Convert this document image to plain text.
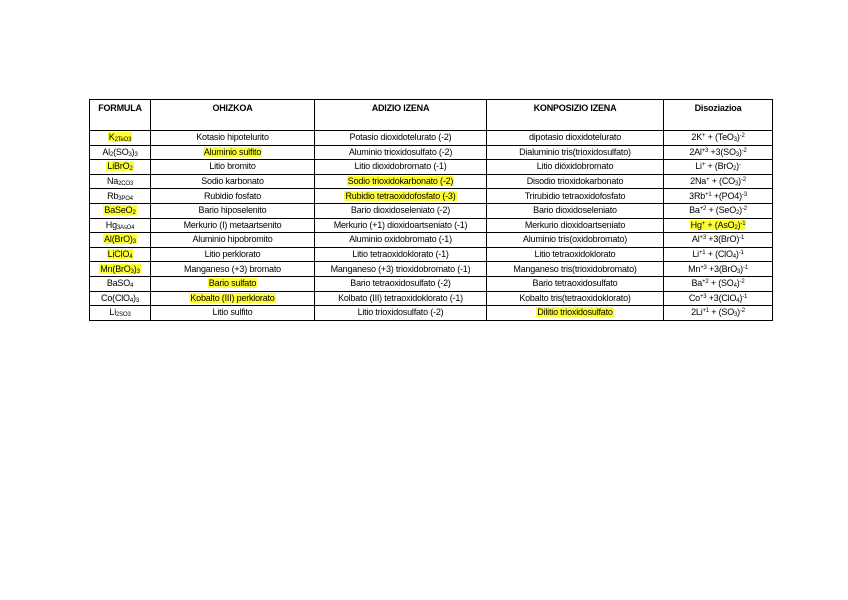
FORMULA	OHIZKOA	ADIZIO IZENA	KONPOSIZIO IZENA	Disoziazioa
$K_{2TeO3}$	Kotasio hipotelurito	Potasio dioxidotelurato (-2)	dipotasio dioxidotelurato	$2K^+ + (TeO_3)^{-2}$
$Al_2(SO_3)_3$	Aluminio sulfito	Aluminio trioxidosulfato (-2)	Dialuminio tris(trioxidosulfato)	$2Al^{+3} +3(SO_3)^{-2}$
LiBrO$_2$	Litio bromito	Litio dioxidobromato (-1)	Litio dióxidobromato	Li+ + (BrO$_2$)-
$Na_{2CO3}$	Sodio karbonato	Sodio trioxidokarbonato (-2)	Disodio trioxidokarbonato	$2Na^+ + (CO_3)^{-2}$
$Rb_{3PO4}$	Rubidio fosfato	Rubidio tetraoxidofosfato (-3)	Trirubidio tetraoxidofosfato	$3Rb^{+1} +(PO4)^{-3}$
BaSeO$_2$	Bario hiposelenito	Bario dioxidoseleniato (-2)	Bario dioxidoseleniato	$Ba^{+2} + (SeO_2)^{-2}$
$Hg_{3AsO4}$	Merkurio (I) metaartsenito	Merkurio (+1) dioxidoartseniato (-1)	Merkurio dioxidoartseniato	$Hg^+ + (AsO_2)^{-1}$
$Al(BrO)_3$	Aluminio hipobromito	Aluminio oxidobromato (-1)	Aluminio tris(oxidobromato)	$Al^{+3} +3(BrO)^{-1}$
LiClO$_4$	Litio perklorato	Litio tetraoxidoklorato (-1)	Litio tetraoxidoklorato	$Li^{+1} + (ClO_4)^{-1}$
$Mn(BrO_3)_3$	Manganeso (+3) bromato	Manganeso (+3) trioxidobromato (-1)	Manganeso tris(trioxidobromato)	$Mn^{+3} +3(BrO_3)^{-1}$
BaSO$_4$	Bario sulfato	Bario tetraoxidosulfato (-2)	Bario tetraoxidosulfato	$Ba^{+2} + (SO_4)^{-2}$
$Co(ClO_4)_3$	Kobalto (III) perklorato	Kolbato (III) tetraoxidoklorato (-1)	Kobalto tris(tetraoxidoklorato)	$Co^{+3} +3(ClO_4)^{-1}$
$Li_{2SO3}$	Litio sulfito	Litio trioxidosulfato (-2)	Dilitio trioxidosulfato	$2Li^{+1} + (SO_3)^{-2}$
